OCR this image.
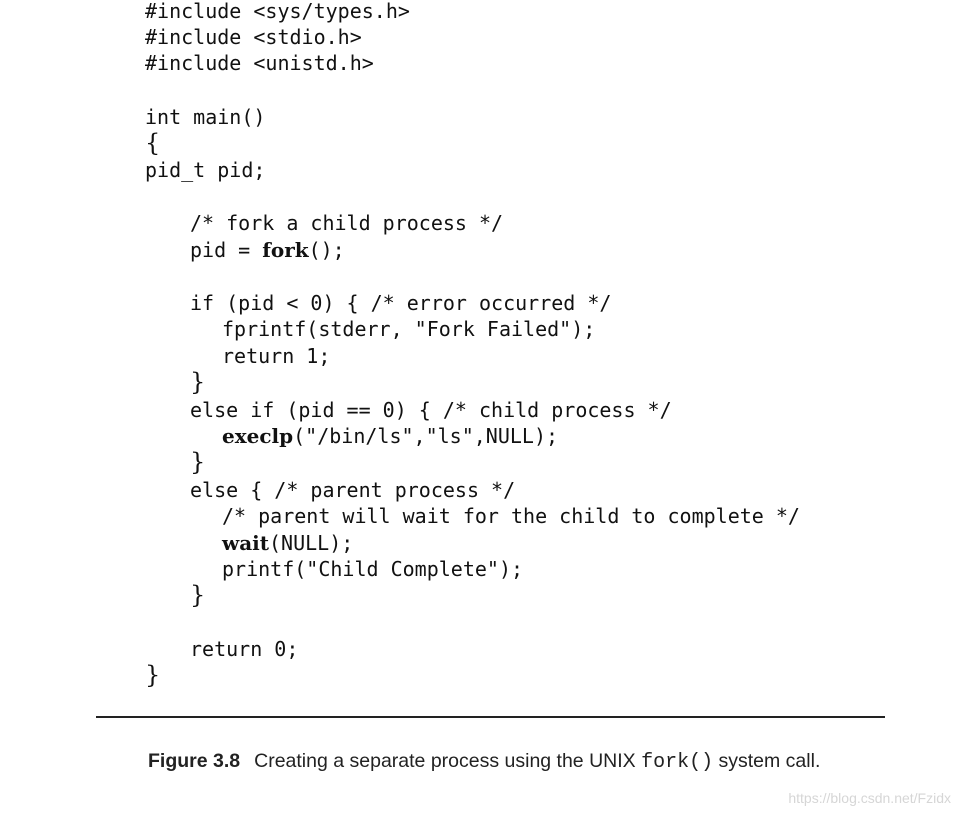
#include <sys/types.h>
#include <stdio.h>
#include <unistd.h>
int main()
{
pid_t pid;
/* fork a child process */
pid = fork();
if (pid < 0) { /* error occurred */
fprintf(stderr, "Fork Failed");
return 1;
}
else if (pid == 0) { /* child process */
execlp("/bin/ls","ls",NULL);
}
else { /* parent process */
/* parent will wait for the child to complete */
wait(NULL);
printf("Child Complete");
}
return 0;
}
Figure 3.8 Creating a separate process using the UNIX fork() system call.
https://blog.csdn.net/Fzidx
